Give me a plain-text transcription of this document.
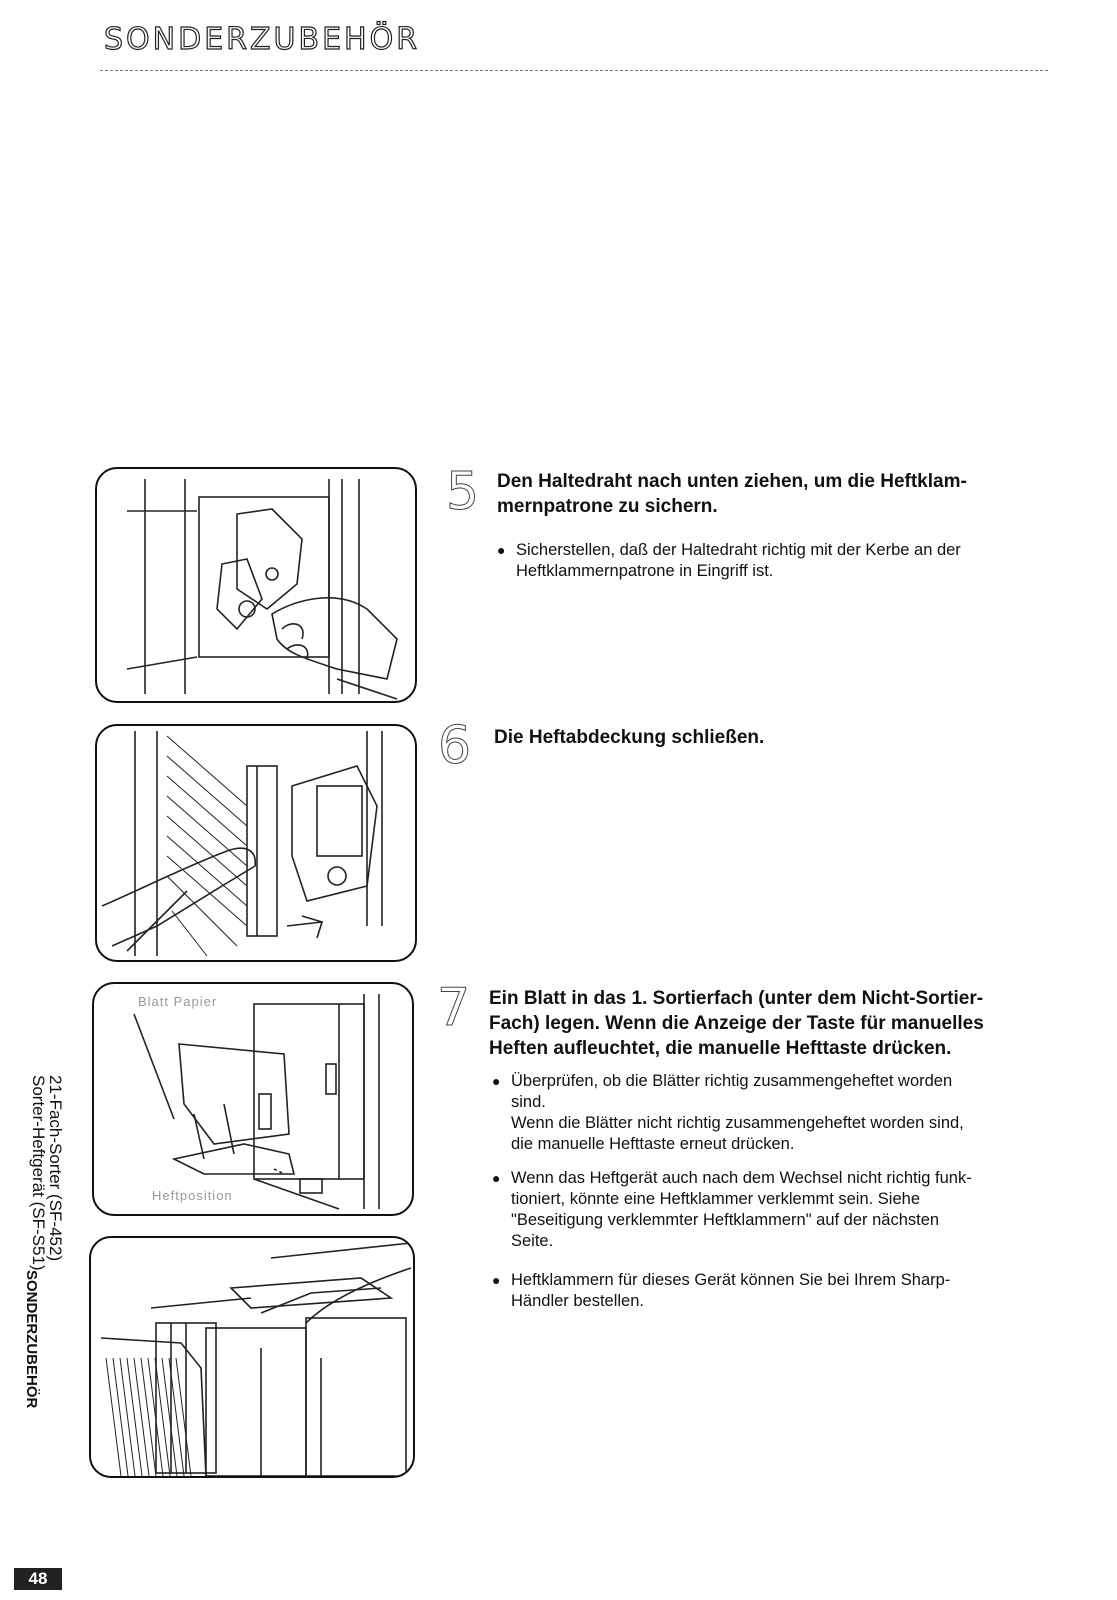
SONDERZUBEHÖR
Blatt Papier
Heftposition
5 Den Haltedraht nach unten ziehen, um die Heftklam-
mernpatrone zu sichern.
● Sicherstellen, daß der Haltedraht richtig mit der Kerbe an der

Heftklammernpatrone in Eingriff ist.

6 Die Heftabdeckung schließen.
7 Ein Blatt in das 1. Sortierfach (unter dem Nicht-Sortier-
Fach) legen. Wenn die Anzeige der Taste für manuelles
Heften aufleuchtet, die manuelle Hefttaste drücken.
● Überprüfen, ob die Blätter richtig zusammengeheftet worden

sind.

Wenn die Blätter nicht richtig zusammengeheftet worden sind,

die manuelle Hefttaste erneut drücken.

● Wenn das Heftgerät auch nach dem Wechsel nicht richtig funk-

tioniert, könnte eine Heftklammer verklemmt sein. Siehe

"Beseitigung verklemmter Heftklammern" auf der nächsten

Seite.

● Heftklammern für dieses Gerät können Sie bei Ihrem Sharp-

Händler bestellen.

21-Fach-Sorter (SF-452)
Sorter-Heftgerät (SF-S51)
SONDERZUBEHÖR
48
